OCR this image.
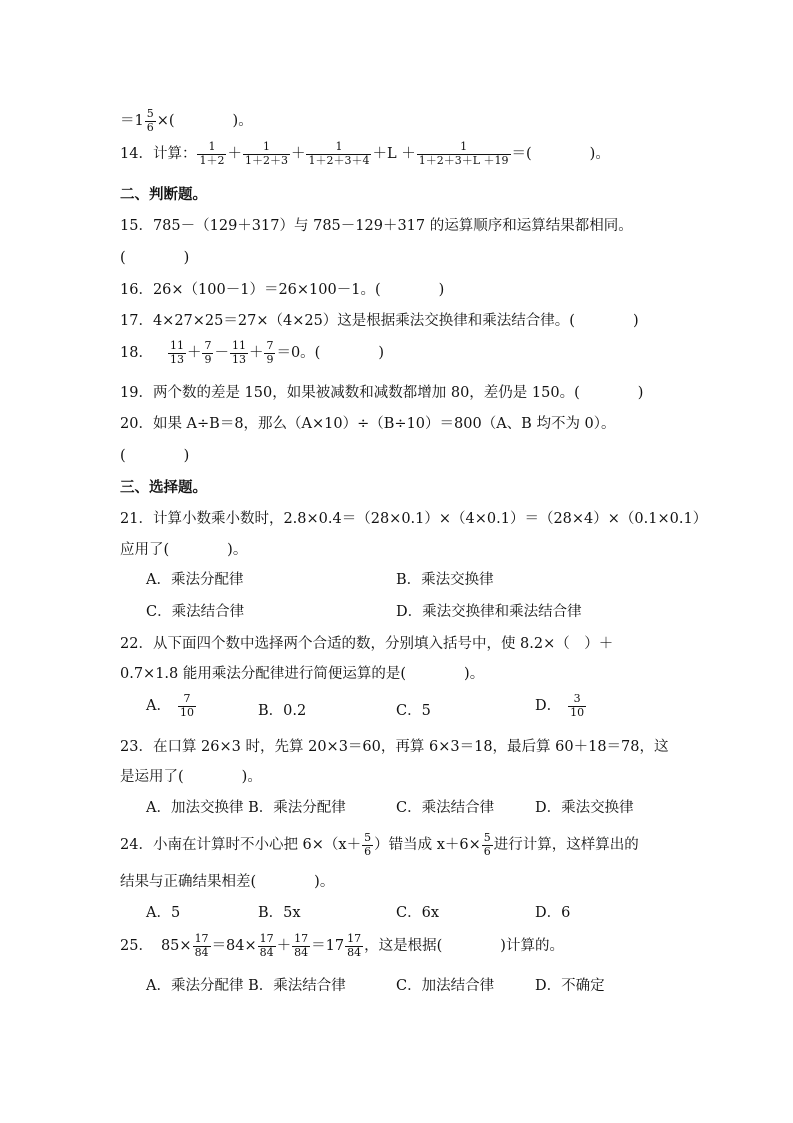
$=1 \frac{5}{6}$ ×(　　　　)。
14．计算： $\frac{1}{1+2} + \frac{1}{1+2+3} + \frac{1}{1+2+3+4} +L + \frac{1}{1+2+3+L +19}$ ＝(　　　　)。
二、判断题。
15．785－（129＋317）与 785－129＋317 的运算顺序和运算结果都相同。
(　　　　)
16．26×（100－1）＝26×100－1。(　　　　)
17．4×27×25＝27×（4×25）这是根据乘法交换律和乘法结合律。(　　　　)
18． $\frac{11}{13} + \frac{7}{9} - \frac{11}{13} + \frac{7}{9} =0$。(　　　　)
19．两个数的差是 150，如果被减数和减数都增加 80，差仍是 150。(　　　　)
20．如果 A÷B＝8，那么（A×10）÷（B÷10）＝800（A、B 均不为 0）。
(　　　　)
三、选择题。
21．计算小数乘小数时，2.8×0.4＝（28×0.1）×（4×0.1）＝（28×4）×（0.1×0.1）
应用了(　　　　)。
A．乘法分配律	B．乘法交换律
C．乘法结合律	D．乘法交换律和乘法结合律
22．从下面四个数中选择两个合适的数，分别填入括号中，使 8.2×（　）＋
0.7×1.8 能用乘法分配律进行简便运算的是(　　　　)。
A． $\frac{7}{10}$	B．0.2	C．5	D． $\frac{3}{10}$
23．在口算 26×3 时，先算 20×3＝60，再算 6×3＝18，最后算 60＋18＝78，这
是运用了(　　　　)。
A．加法交换律 B．乘法分配律	C．乘法结合律	D．乘法交换律
24．小南在计算时不小心把 $6\times(x+ \frac{5}{6}$ ）错当成 $x+6\times \frac{5}{6}$ 进行计算，这样算出的
结果与正确结果相差(　　　　)。
A．5	B．5x	C．6x	D．6
25． $85\times \frac{17}{84} =84\times \frac{17}{84} + \frac{17}{84} =17 \frac{17}{84}$ ，这是根据(　　　　)计算的。
A．乘法分配律 B．乘法结合律	C．加法结合律	D．不确定
